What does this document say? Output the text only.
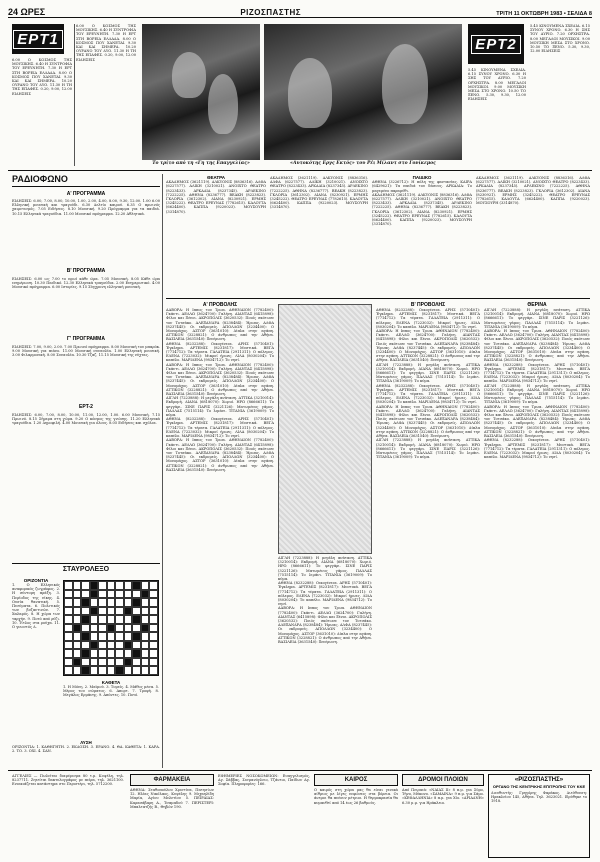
24 ΩΡΕΣ	ΡΙΖΟΣΠΑΣΤΗΣ	ΤΡΙΤΗ 11 ΟΚΤΩΒΡΗ 1983 • ΣΕΛΙΔΑ 8
ΕΡΤ1
6.00 Ο ΚΟΣΜΟΣ ΤΗΣ ΜΟΥΣΙΚΗΣ. 6.40 Η ΣΥΝΤΡΟΦΙΑ ΤΟΥ ΕΡΕΥΝΗΤΗ. 7.30 Η ΕΡΤ ΣΤΗ ΒΟΡΕΙΑ ΕΛΛΑΔΑ. 8.00 Ο ΚΟΣΜΟΣ ΠΟΥ ΧΑΝΕΤΑΙ. 9.30 ΚΑΙ ΚΑΙ ΣΗΜΕΡΑ. 10.20 ΟΥΡΑΝΟ ΤΟΥ ΔΥΟ. 11.30 Η ΤΗ ΤΗΣ ΕΠΑΦΕΣ. 0.20, 9.00, 12.00 ΕΙΔΗΣΕΙΣ
6.00 Ο ΚΟΣΜΟΣ ΤΗΣ ΜΟΥΣΙΚΗΣ. 6.40 Η ΣΥΝΤΡΟΦΙΑ ΤΟΥ ΕΡΕΥΝΗΤΗ. 7.30 Η ΕΡΤ ΣΤΗ ΒΟΡΕΙΑ ΕΛΛΑΔΑ. 8.00 Ο ΚΟΣΜΟΣ ΠΟΥ ΧΑΝΕΤΑΙ. 9.30 ΚΑΙ ΚΑΙ ΣΗΜΕΡΑ. 10.20 ΟΥΡΑΝΟ ΤΟΥ ΔΥΟ. 11.30 Η ΤΗ ΤΗΣ ΕΠΑΦΕΣ. 0.20, 9.00, 12.00 ΕΙΔΗΣΕΙΣ
Το τρίτο από τη «Γη της Επαγγελίας»	«Αυτοκότης Εργς Εκτός» του Ρέι Μίλαντ στο Γονίκεμος
ΕΡΤ2
5.45 ΚΙΝΟΥΜΕΝΑ ΣΧΕΔΙΑ. 6.15 ΣΥΝΟΥ ΧΡΟΝΟ. 6.30 Η ΣΗΣ ΤΟΥ ΑΥΡΙΟ. 7.20 ΟΡΧΗΣΤΡΑ. 8.00 ΜΕΓΑΛΟΙ ΜΟΥΣΙΚΟΙ. 9.00 ΜΟΥΣΙΚΗ ΜΕΣΑ ΣΤΟ ΧΡΟΝΟ. 10.50 ΤΟ ΞΕΝΟ. 5.30, 9.30, 12.00 ΕΙΔΗΣΕΙΣ
5.45 ΚΙΝΟΥΜΕΝΑ ΣΧΕΔΙΑ. 6.15 ΣΥΝΟΥ ΧΡΟΝΟ. 6.30 Η ΣΗΣ ΤΟΥ ΑΥΡΙΟ. 7.20 ΟΡΧΗΣΤΡΑ. 8.00 ΜΕΓΑΛΟΙ ΜΟΥΣΙΚΟΙ. 9.00 ΜΟΥΣΙΚΗ ΜΕΣΑ ΣΤΟ ΧΡΟΝΟ. 10.50 ΤΟ ΞΕΝΟ. 5.30, 9.30, 12.00 ΕΙΔΗΣΕΙΣ
ΡΑΔΙΟΦΩΝΟ
Α' ΠΡΟΓΡΑΜΜΑ
ΕΙΔΗΣΕΙΣ: 6.00, 7.00, 8.00, 10.00, 1.00, 2.00, 4.00, 8.00, 9.30, 12.00. 1.00 6.00 Ελληνική μουσική και τραγούδι. 6.30 Δελτίο καιρού. 6.35 Ο πρωινός χαιρετισμός. 7.05 Ειδήσεις. 8.10 Μουσική. 9.20 Πρόγραμμα για τα παιδιά. 10.15 Ελληνικά τραγούδια. 11.00 Μουσικό πρόγραμμα. 12.20 Αθλητικά.
Β' ΠΡΟΓΡΑΜΜΑ
ΕΙΔΗΣΕΙΣ: 6.00 ως 7.00 το πρωί κάθε ώρα. 7.05 Μουσική. 8.05 Κάθε ώρα ενημέρωση. 10.30 Παιδικό. 12.30 Ελληνικά τραγούδια. 2.00 Ενημερωτικό. 4.00 Μουσικό πρόγραμμα. 6.00 Ιστορίες. 9.15 Σύγχρονη ελληνική μουσική.
Γ' ΠΡΟΓΡΑΜΜΑ
ΕΙΔΗΣΕΙΣ: 7.00, 9.00, 2.00. 7.00 Πρωινό πρόγραμμα. 8.00 Μουσική του μπαρόκ. 9.00 Μουσική για πιάνο. 11.00 Μουσική συναυλία. 1.00 Ελληνική μουσική. 3.00 Φιλαρμονική. 8.00 Συναυλία. 10.30 Τζαζ. 11.15 Μουσική της νύχτας.
ΕΡΤ-2
ΕΙΔΗΣΕΙΣ: 6.00, 7.00, 8.00, 10.00, 11.00, 12.00, 1.00. 6.00 Μουσική. 7.15 Πρωινό. 8.15 Σήμερα στη χώρα. 9.20 Ο κόσμος της γνώσης. 11.20 Ελληνικά τραγούδια. 1.20 Δημοφιλή. 4.00 Μουσική για όλους. 8.05 Ειδήσεις και σχόλια.
ΣΤΑΥΡΟΛΕΞΟ
ΟΡΙΖΟΝΤΙΑ
1. Ο Ελληνικός αναφορικός ζωγράφος. 2. Η σύντομη πράξη. 3. Περίοδος της νίκης. 4. Ουσία θανατική. 5. Πνεύματα. 6. Πολιτικός των βυζαντινών. 7. Χαλαρός. 8. Η χώρα των ταρχήν. 9. Ποτό από ρύζι. 10. Τίτλος στα ρούχα. 11. Ο γνωστός Δ.
ΚΑΘΕΤΑ
1. Η Μόνη. 2. Μαϊμού. 3. Τομείς. 4. Μάθος μέσα. 5. Μέρος του σώματος. 6. Απορτ. 7. Τροφή. 8. Μεγάλος Ερμάνης. 9. Απόντες. 10. Ποτό.
ΛΥΣΗ
ΟΡΙΖΟΝΤΙΑ: 1. ΚΑΘΗΓΗΤΗ. 2. ΕΚΔΟΣΗ. 3. ΕΡΑΝΟ. 4. ΘΑ. ΚΑΘΕΤΑ: 1. ΚΑΡΑ. 2. ΤΟ. 3. ΟΧΙ. 4. ΣΑΝ.
ΘΕΑΤΡΑ
ΑΚΑΔΗΜΟΣ (3621119). ΑΛΚΥΟΝΙΣ (8836316). ΑΛΦΑ (6227577). ΑΛΙΚΗ (3210021). ΑΝΟΙΧΤΟ ΘΕΑΤΡΟ (8223433). ΑΡΚΑΔΙΑ (8237345). ΑΡΛΕΚΙΝΟ (7222225). ΑΘΗΝΑ (8236777). ΒΕΑΚΗ (8223823). ΓΚΛΟΡΙΑ (3612302). ΔΙΑΝΑ (8230921). ΕΡΜΗΣ (3245222). ΘΕΑΤΡΟ ΕΡΕΥΝΑΣ (7782615). ΚΑΛΟΥΤΑ (6624400). ΚΑΠΠΑ (9220023). ΜΟΥΣΟΥΡΗ (3314870).
ΑΚΑΔΗΜΟΣ (3621119). ΑΛΚΥΟΝΙΣ (8836316). ΑΛΦΑ (6227577). ΑΛΙΚΗ (3210021). ΑΝΟΙΧΤΟ ΘΕΑΤΡΟ (8223433). ΑΡΚΑΔΙΑ (8237345). ΑΡΛΕΚΙΝΟ (7222225). ΑΘΗΝΑ (8236777). ΒΕΑΚΗ (8223823). ΓΚΛΟΡΙΑ (3612302). ΔΙΑΝΑ (8230921). ΕΡΜΗΣ (3245222). ΘΕΑΤΡΟ ΕΡΕΥΝΑΣ (7782615). ΚΑΛΟΥΤΑ (6624400). ΚΑΠΠΑ (9220023). ΜΟΥΣΟΥΡΗ (3314870).
ΠΑΙΔΙΚΟ
ΑΘΗΝΑ (3226712): Η πόλη της φαντασίας. ΚΑΙΡΑ (6429621): Τα παιδιά του δάσους. ΑΡΚΑΔΙΑ: Το μαγεμένο παραμύθι.
ΑΚΑΔΗΜΟΣ (3621119). ΑΛΚΥΟΝΙΣ (8836316). ΑΛΦΑ (6227577). ΑΛΙΚΗ (3210021). ΑΝΟΙΧΤΟ ΘΕΑΤΡΟ (8223433). ΑΡΚΑΔΙΑ (8237345). ΑΡΛΕΚΙΝΟ (7222225). ΑΘΗΝΑ (8236777). ΒΕΑΚΗ (8223823). ΓΚΛΟΡΙΑ (3612302). ΔΙΑΝΑ (8230921). ΕΡΜΗΣ (3245222). ΘΕΑΤΡΟ ΕΡΕΥΝΑΣ (7782615). ΚΑΛΟΥΤΑ (6624400). ΚΑΠΠΑ (9220023). ΜΟΥΣΟΥΡΗ (3314870).
ΑΚΑΔΗΜΟΣ (3621119). ΑΛΚΥΟΝΙΣ (8836316). ΑΛΦΑ (6227577). ΑΛΙΚΗ (3210021). ΑΝΟΙΧΤΟ ΘΕΑΤΡΟ (8223433). ΑΡΚΑΔΙΑ (8237345). ΑΡΛΕΚΙΝΟ (7222225). ΑΘΗΝΑ (8236777). ΒΕΑΚΗ (8223823). ΓΚΛΟΡΙΑ (3612302). ΔΙΑΝΑ (8230921). ΕΡΜΗΣ (3245222). ΘΕΑΤΡΟ ΕΡΕΥΝΑΣ (7782615). ΚΑΛΟΥΤΑ (6624400). ΚΑΠΠΑ (9220023). ΜΟΥΣΟΥΡΗ (3314870).
Α' ΠΡΟΒΟΛΗΣ
ΑΑΒΟΡΑ: Η Ιππος του Τρωα. ΑΘΗΝΑΙΟΝ (7782400): Γκάντι. ΑΕΛΛΩ (3624700): Γαλήνη. ΑΙΑΝΤΑΣ (6415898): Φίλοι και Ξένοι. ΑΚΡΟΠΟΛΙΣ (3620532): Ποιός σκότωσε τον Τοτσάκο. ΑΛΕΞΑΝΔΡΑ (8238484): Ήρωας. ΑΛΦΑ (8237445): Οι εκδρομείς. ΑΠΟΛΛΩΝ (3234400): Ο Μονομάχος. ΑΣΤΟΡ (3631010): Δίπλα στην αγάπη. ΑΤΤΙΚΟΝ (3228821): Ο άνθρωπος από την Αθήνα. ΒΑΣΙΛΕΙΑ (3631540): Ξενέρωση.
ΑΘΗΝΑ (8232288): Οικογένεια. ΑΡΗΣ (5710401): Έγκλημα. ΑΡΤΕΜΙΣ (8231817): Μυστικά. ΒΕΓΑ (7714712): Τα τέρατα. ΓΑΛΑΤΕΙΑ (2911311): Ο πόλεμος. ΕΛΕΝΑ (7223032): Μικροί ήρωες. ΛΙΛΑ (8030204): Το καπέλο. ΜΑΡΙΛΕΝΑ (9834712): Το νησί.
ΑΑΒΟΡΑ: Η Ιππος του Τρωα. ΑΘΗΝΑΙΟΝ (7782400): Γκάντι. ΑΕΛΛΩ (3624700): Γαλήνη. ΑΙΑΝΤΑΣ (6415898): Φίλοι και Ξένοι. ΑΚΡΟΠΟΛΙΣ (3620532): Ποιός σκότωσε τον Τοτσάκο. ΑΛΕΞΑΝΔΡΑ (8238484): Ήρωας. ΑΛΦΑ (8237445): Οι εκδρομείς. ΑΠΟΛΛΩΝ (3234400): Ο Μονομάχος. ΑΣΤΟΡ (3631010): Δίπλα στην αγάπη. ΑΤΤΙΚΟΝ (3228821): Ο άνθρωπος από την Αθήνα. ΒΑΣΙΛΕΙΑ (3631540): Ξενέρωση.
ΑΙΓΛΗ (7223888): Η μεγάλη ανάταση. ΑΤΤΙΚΑ (3210014): Εκδρομή. ΔΙΑΝΑ (6818070): Χωριό. ΗΡΩ (8666611): Το φεγγάρι. ΣΙΝΕ ΠΑΡΙΣ (3221126): Ματωμένος γάμος. ΠΑΛΛΑΣ (7515114): Το λιμάνι. ΤΙΤΑΝΙΑ (3619009): Το κύμα.
ΑΘΗΝΑ (8232288): Οικογένεια. ΑΡΗΣ (5710401): Έγκλημα. ΑΡΤΕΜΙΣ (8231817): Μυστικά. ΒΕΓΑ (7714712): Τα τέρατα. ΓΑΛΑΤΕΙΑ (2911311): Ο πόλεμος. ΕΛΕΝΑ (7223032): Μικροί ήρωες. ΛΙΛΑ (8030204): Το καπέλο. ΜΑΡΙΛΕΝΑ (9834712): Το νησί.
ΑΑΒΟΡΑ: Η Ιππος του Τρωα. ΑΘΗΝΑΙΟΝ (7782400): Γκάντι. ΑΕΛΛΩ (3624700): Γαλήνη. ΑΙΑΝΤΑΣ (6415898): Φίλοι και Ξένοι. ΑΚΡΟΠΟΛΙΣ (3620532): Ποιός σκότωσε τον Τοτσάκο. ΑΛΕΞΑΝΔΡΑ (8238484): Ήρωας. ΑΛΦΑ (8237445): Οι εκδρομείς. ΑΠΟΛΛΩΝ (3234400): Ο Μονομάχος. ΑΣΤΟΡ (3631010): Δίπλα στην αγάπη. ΑΤΤΙΚΟΝ (3228821): Ο άνθρωπος από την Αθήνα. ΒΑΣΙΛΕΙΑ (3631540): Ξενέρωση.
ΑΙΓΛΗ (7223888): Η μεγάλη ανάταση. ΑΤΤΙΚΑ (3210014): Εκδρομή. ΔΙΑΝΑ (6818070): Χωριό. ΗΡΩ (8666611): Το φεγγάρι. ΣΙΝΕ ΠΑΡΙΣ (3221126): Ματωμένος γάμος. ΠΑΛΛΑΣ (7515114): Το λιμάνι. ΤΙΤΑΝΙΑ (3619009): Το κύμα.
ΑΘΗΝΑ (8232288): Οικογένεια. ΑΡΗΣ (5710401): Έγκλημα. ΑΡΤΕΜΙΣ (8231817): Μυστικά. ΒΕΓΑ (7714712): Τα τέρατα. ΓΑΛΑΤΕΙΑ (2911311): Ο πόλεμος. ΕΛΕΝΑ (7223032): Μικροί ήρωες. ΛΙΛΑ (8030204): Το καπέλο. ΜΑΡΙΛΕΝΑ (9834712): Το νησί.
ΑΑΒΟΡΑ: Η Ιππος του Τρωα. ΑΘΗΝΑΙΟΝ (7782400): Γκάντι. ΑΕΛΛΩ (3624700): Γαλήνη. ΑΙΑΝΤΑΣ (6415898): Φίλοι και Ξένοι. ΑΚΡΟΠΟΛΙΣ (3620532): Ποιός σκότωσε τον Τοτσάκο. ΑΛΕΞΑΝΔΡΑ (8238484): Ήρωας. ΑΛΦΑ (8237445): Οι εκδρομείς. ΑΠΟΛΛΩΝ (3234400): Ο Μονομάχος. ΑΣΤΟΡ (3631010): Δίπλα στην αγάπη. ΑΤΤΙΚΟΝ (3228821): Ο άνθρωπος από την Αθήνα. ΒΑΣΙΛΕΙΑ (3631540): Ξενέρωση.
Β' ΠΡΟΒΟΛΗΣ
ΑΘΗΝΑ (8232288): Οικογένεια. ΑΡΗΣ (5710401): Έγκλημα. ΑΡΤΕΜΙΣ (8231817): Μυστικά. ΒΕΓΑ (7714712): Τα τέρατα. ΓΑΛΑΤΕΙΑ (2911311): Ο πόλεμος. ΕΛΕΝΑ (7223032): Μικροί ήρωες. ΛΙΛΑ (8030204): Το καπέλο. ΜΑΡΙΛΕΝΑ (9834712): Το νησί.
ΑΑΒΟΡΑ: Η Ιππος του Τρωα. ΑΘΗΝΑΙΟΝ (7782400): Γκάντι. ΑΕΛΛΩ (3624700): Γαλήνη. ΑΙΑΝΤΑΣ (6415898): Φίλοι και Ξένοι. ΑΚΡΟΠΟΛΙΣ (3620532): Ποιός σκότωσε τον Τοτσάκο. ΑΛΕΞΑΝΔΡΑ (8238484): Ήρωας. ΑΛΦΑ (8237445): Οι εκδρομείς. ΑΠΟΛΛΩΝ (3234400): Ο Μονομάχος. ΑΣΤΟΡ (3631010): Δίπλα στην αγάπη. ΑΤΤΙΚΟΝ (3228821): Ο άνθρωπος από την Αθήνα. ΒΑΣΙΛΕΙΑ (3631540): Ξενέρωση.
ΑΙΓΛΗ (7223888): Η μεγάλη ανάταση. ΑΤΤΙΚΑ (3210014): Εκδρομή. ΔΙΑΝΑ (6818070): Χωριό. ΗΡΩ (8666611): Το φεγγάρι. ΣΙΝΕ ΠΑΡΙΣ (3221126): Ματωμένος γάμος. ΠΑΛΛΑΣ (7515114): Το λιμάνι. ΤΙΤΑΝΙΑ (3619009): Το κύμα.
ΑΘΗΝΑ (8232288): Οικογένεια. ΑΡΗΣ (5710401): Έγκλημα. ΑΡΤΕΜΙΣ (8231817): Μυστικά. ΒΕΓΑ (7714712): Τα τέρατα. ΓΑΛΑΤΕΙΑ (2911311): Ο πόλεμος. ΕΛΕΝΑ (7223032): Μικροί ήρωες. ΛΙΛΑ (8030204): Το καπέλο. ΜΑΡΙΛΕΝΑ (9834712): Το νησί.
ΑΑΒΟΡΑ: Η Ιππος του Τρωα. ΑΘΗΝΑΙΟΝ (7782400): Γκάντι. ΑΕΛΛΩ (3624700): Γαλήνη. ΑΙΑΝΤΑΣ (6415898): Φίλοι και Ξένοι. ΑΚΡΟΠΟΛΙΣ (3620532): Ποιός σκότωσε τον Τοτσάκο. ΑΛΕΞΑΝΔΡΑ (8238484): Ήρωας. ΑΛΦΑ (8237445): Οι εκδρομείς. ΑΠΟΛΛΩΝ (3234400): Ο Μονομάχος. ΑΣΤΟΡ (3631010): Δίπλα στην αγάπη. ΑΤΤΙΚΟΝ (3228821): Ο άνθρωπος από την Αθήνα. ΒΑΣΙΛΕΙΑ (3631540): Ξενέρωση.
ΑΙΓΛΗ (7223888): Η μεγάλη ανάταση. ΑΤΤΙΚΑ (3210014): Εκδρομή. ΔΙΑΝΑ (6818070): Χωριό. ΗΡΩ (8666611): Το φεγγάρι. ΣΙΝΕ ΠΑΡΙΣ (3221126): Ματωμένος γάμος. ΠΑΛΛΑΣ (7515114): Το λιμάνι. ΤΙΤΑΝΙΑ (3619009): Το κύμα.
ΘΕΡΙΝΑ
ΑΙΓΛΗ (7223888): Η μεγάλη ανάταση. ΑΤΤΙΚΑ (3210014): Εκδρομή. ΔΙΑΝΑ (6818070): Χωριό. ΗΡΩ (8666611): Το φεγγάρι. ΣΙΝΕ ΠΑΡΙΣ (3221126): Ματωμένος γάμος. ΠΑΛΛΑΣ (7515114): Το λιμάνι. ΤΙΤΑΝΙΑ (3619009): Το κύμα.
ΑΑΒΟΡΑ: Η Ιππος του Τρωα. ΑΘΗΝΑΙΟΝ (7782400): Γκάντι. ΑΕΛΛΩ (3624700): Γαλήνη. ΑΙΑΝΤΑΣ (6415898): Φίλοι και Ξένοι. ΑΚΡΟΠΟΛΙΣ (3620532): Ποιός σκότωσε τον Τοτσάκο. ΑΛΕΞΑΝΔΡΑ (8238484): Ήρωας. ΑΛΦΑ (8237445): Οι εκδρομείς. ΑΠΟΛΛΩΝ (3234400): Ο Μονομάχος. ΑΣΤΟΡ (3631010): Δίπλα στην αγάπη. ΑΤΤΙΚΟΝ (3228821): Ο άνθρωπος από την Αθήνα. ΒΑΣΙΛΕΙΑ (3631540): Ξενέρωση.
ΑΘΗΝΑ (8232288): Οικογένεια. ΑΡΗΣ (5710401): Έγκλημα. ΑΡΤΕΜΙΣ (8231817): Μυστικά. ΒΕΓΑ (7714712): Τα τέρατα. ΓΑΛΑΤΕΙΑ (2911311): Ο πόλεμος. ΕΛΕΝΑ (7223032): Μικροί ήρωες. ΛΙΛΑ (8030204): Το καπέλο. ΜΑΡΙΛΕΝΑ (9834712): Το νησί.
ΑΙΓΛΗ (7223888): Η μεγάλη ανάταση. ΑΤΤΙΚΑ (3210014): Εκδρομή. ΔΙΑΝΑ (6818070): Χωριό. ΗΡΩ (8666611): Το φεγγάρι. ΣΙΝΕ ΠΑΡΙΣ (3221126): Ματωμένος γάμος. ΠΑΛΛΑΣ (7515114): Το λιμάνι. ΤΙΤΑΝΙΑ (3619009): Το κύμα.
ΑΑΒΟΡΑ: Η Ιππος του Τρωα. ΑΘΗΝΑΙΟΝ (7782400): Γκάντι. ΑΕΛΛΩ (3624700): Γαλήνη. ΑΙΑΝΤΑΣ (6415898): Φίλοι και Ξένοι. ΑΚΡΟΠΟΛΙΣ (3620532): Ποιός σκότωσε τον Τοτσάκο. ΑΛΕΞΑΝΔΡΑ (8238484): Ήρωας. ΑΛΦΑ (8237445): Οι εκδρομείς. ΑΠΟΛΛΩΝ (3234400): Ο Μονομάχος. ΑΣΤΟΡ (3631010): Δίπλα στην αγάπη. ΑΤΤΙΚΟΝ (3228821): Ο άνθρωπος από την Αθήνα. ΒΑΣΙΛΕΙΑ (3631540): Ξενέρωση.
ΑΘΗΝΑ (8232288): Οικογένεια. ΑΡΗΣ (5710401): Έγκλημα. ΑΡΤΕΜΙΣ (8231817): Μυστικά. ΒΕΓΑ (7714712): Τα τέρατα. ΓΑΛΑΤΕΙΑ (2911311): Ο πόλεμος. ΕΛΕΝΑ (7223032): Μικροί ήρωες. ΛΙΛΑ (8030204): Το καπέλο. ΜΑΡΙΛΕΝΑ (9834712): Το νησί.
ΑΓΓΕΛΙΕΣ — Πωλείται διαμέρισμα 80 τ.μ. Κυψέλη, τηλ. 8237711. Ζητείται δακτυλογράφος με πείρα, τηλ. 3621100. Ενοικιάζεται κατάστημα στο Περιστέρι, τηλ. 5712200.
ΦΑΡΜΑΚΕΙΑ
ΑΘΗΝΑ: Σταθοπούλου Χριστίνα, Πατησίων 12. Ηλίας Νικόλαος, Κυψέλης 9. Μιχαηλίδη Μαρία, Αγίου Μελετίου 5. ΠΕΙΡΑΙΑΣ: Καρασάβαρη Α., Τσαμαδού 7. ΠΕΡΙΣΤΕΡΙ: Μπαλτατζής Β., Θηβών 190.
ΕΦΗΜΕΡΙΕΣ ΝΟΣΟΚΟΜΕΙΩΝ: Ευαγγελισμός, Αγ. Σάββας, Σισμανόγλειο, Τζάνειο, Παίδων Αγ. Σοφία. Πληροφορίες: 166.
ΚΑΙΡΟΣ
Ο καιρός στη χώρα μας θα είναι γενικά αίθριος με λίγες νεφώσεις στα βόρεια. Οι άνεμοι θα πνέουν μέτριοι. Η θερμοκρασία θα κυμανθεί από 14 έως 26 βαθμούς.
ΔΡΟΜΟΙ ΠΛΟΙΩΝ
Από Πειραιά: «ΝΑΪΑΣ ΙΙ» 8 π.μ. για Σύρο, Τήνο, Μύκονο. «ΣΑΜΑΙΝΑ» 9 π.μ. για Σάμο. «ΚΕΦΑΛΛΗΝΙΑ» 8 π.μ. για Χίο. «ΑΡΙΑΔΝΗ» 6.30 μ.μ. για Ηράκλειο.
«ΡΙΖΟΣΠΑΣΤΗΣ»
ΟΡΓΑΝΟ ΤΗΣ ΚΕΝΤΡΙΚΗΣ ΕΠΙΤΡΟΠΗΣ ΤΟΥ ΚΚΕ
Διευθυντής: Γρηγόρης Φαράκος. Διεύθυνση: Ηρακλείου 145, Αθήνα. Τηλ. 3623021. Ιδρύθηκε το 1918.
